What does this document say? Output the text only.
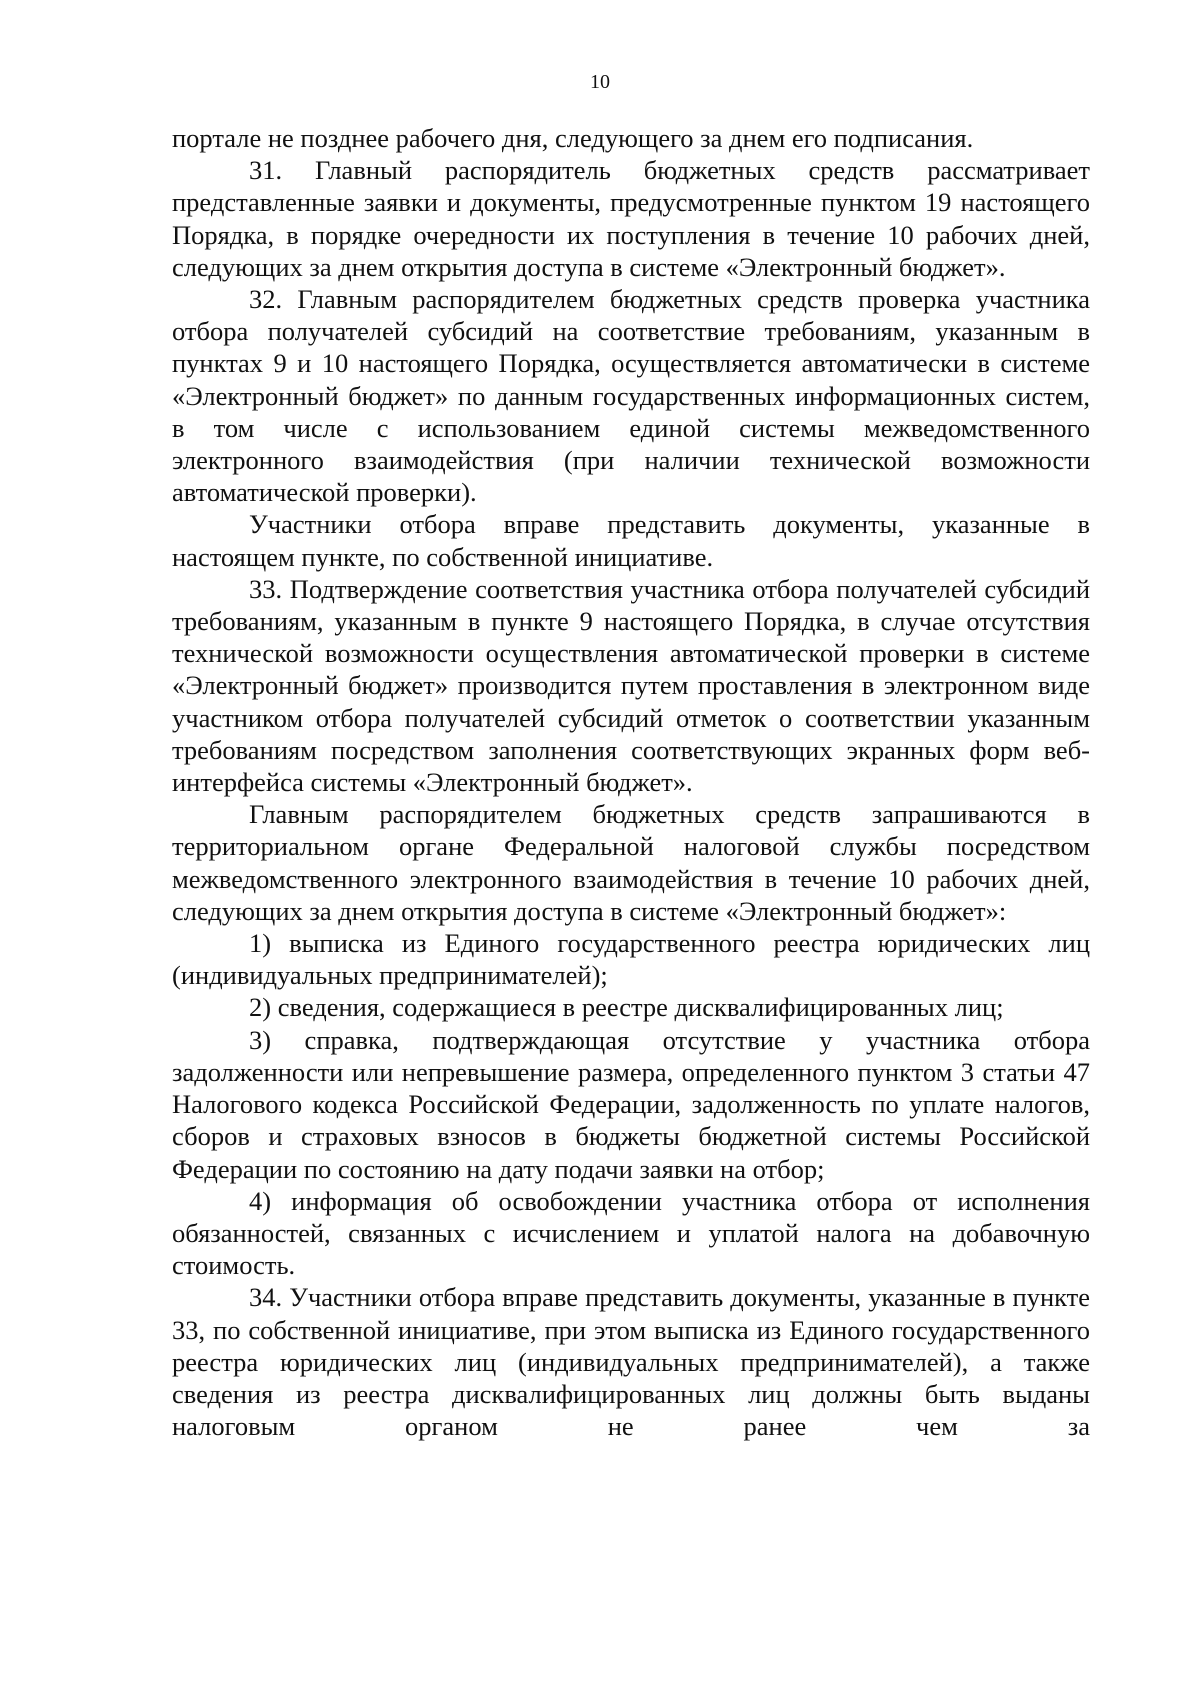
10

портале не позднее рабочего дня, следующего за днем его подписания.

31. Главный распорядитель бюджетных средств рассматривает представленные заявки и документы, предусмотренные пунктом 19 настоящего Порядка, в порядке очередности их поступления в течение 10 рабочих дней, следующих за днем открытия доступа в системе «Электронный бюджет».

32. Главным распорядителем бюджетных средств проверка участника отбора получателей субсидий на соответствие требованиям, указанным в пунктах 9 и 10 настоящего Порядка, осуществляется автоматически в системе «Электронный бюджет» по данным государственных информационных систем, в том числе с использованием единой системы межведомственного электронного взаимодействия (при наличии технической возможности автоматической проверки).

Участники отбора вправе представить документы, указанные в настоящем пункте, по собственной инициативе.

33. Подтверждение соответствия участника отбора получателей субсидий требованиям, указанным в пункте 9 настоящего Порядка, в случае отсутствия технической возможности осуществления автоматической проверки в системе «Электронный бюджет» производится путем проставления в электронном виде участником отбора получателей субсидий отметок о соответствии указанным требованиям посредством заполнения соответствующих экранных форм веб-интерфейса системы «Электронный бюджет».

Главным распорядителем бюджетных средств запрашиваются в территориальном органе Федеральной налоговой службы посредством межведомственного электронного взаимодействия в течение 10 рабочих дней, следующих за днем открытия доступа в системе «Электронный бюджет»:

1) выписка из Единого государственного реестра юридических лиц (индивидуальных предпринимателей);

2) сведения, содержащиеся в реестре дисквалифицированных лиц;

3) справка, подтверждающая отсутствие у участника отбора задолженности или непревышение размера, определенного пунктом 3 статьи 47 Налогового кодекса Российской Федерации, задолженность по уплате налогов, сборов и страховых взносов в бюджеты бюджетной системы Российской Федерации по состоянию на дату подачи заявки на отбор;

4) информация об освобождении участника отбора от исполнения обязанностей, связанных с исчислением и уплатой налога на добавочную стоимость.

34. Участники отбора вправе представить документы, указанные в пункте 33, по собственной инициативе, при этом выписка из Единого государственного реестра юридических лиц (индивидуальных предпринимателей), а также сведения из реестра дисквалифицированных лиц должны быть выданы налоговым органом не ранее чем за
